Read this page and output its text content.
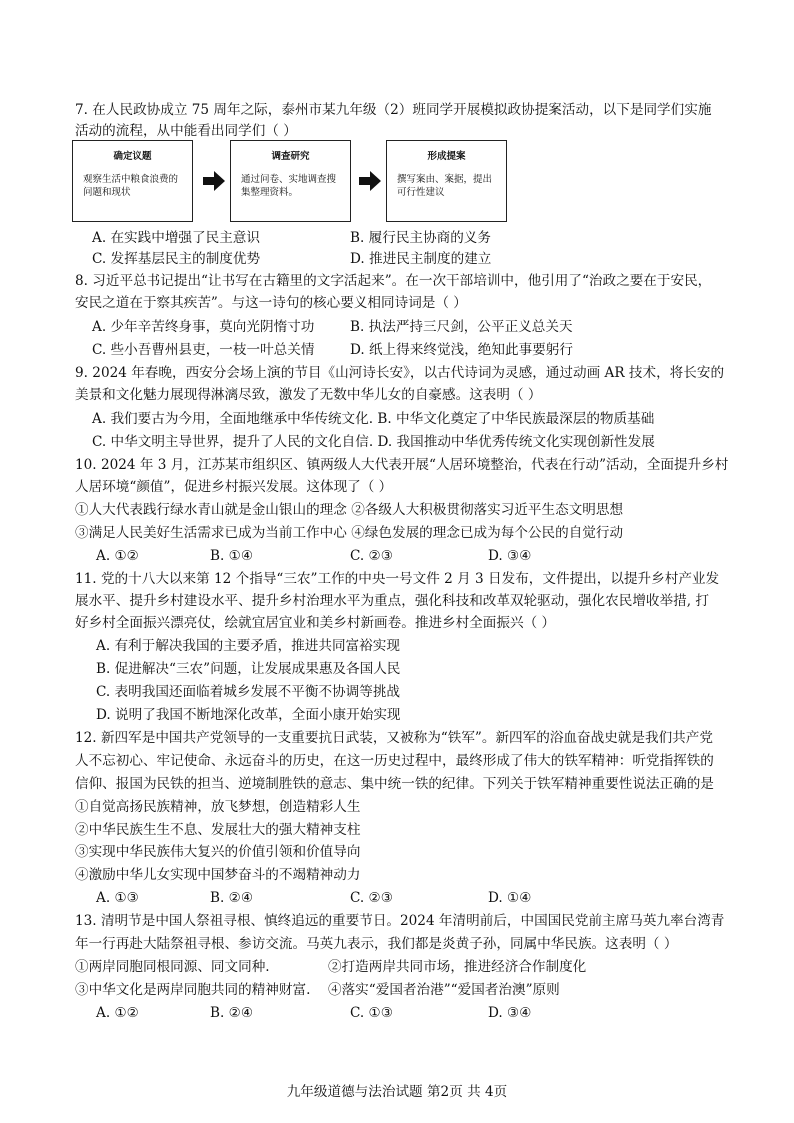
7. 在人民政协成立 75 周年之际，泰州市某九年级（2）班同学开展模拟政协提案活动，以下是同学们实施
活动的流程，从中能看出同学们（ ）
确定议题
观察生活中粮食浪费的问题和现状
调查研究
通过问卷、实地调查搜集整理资料。
形成提案
撰写案由、案据，提出可行性建议
A. 在实践中增强了民主意识	B. 履行民主协商的义务
C. 发挥基层民主的制度优势	D. 推进民主制度的建立
8. 习近平总书记提出“让书写在古籍里的文字活起来”。在一次干部培训中，他引用了“治政之要在于安民，
安民之道在于察其疾苦”。与这一诗句的核心要义相同诗词是（ ）
A. 少年辛苦终身事，莫向光阴惰寸功	B. 执法严持三尺剑，公平正义总关天
C. 些小吾曹州县吏，一枝一叶总关情	D. 纸上得来终觉浅，绝知此事要躬行
9. 2024 年春晚，西安分会场上演的节目《山河诗长安》，以古代诗词为灵感，通过动画 AR 技术，将长安的
美景和文化魅力展现得淋漓尽致，激发了无数中华儿女的自豪感。这表明（ ）
A. 我们要古为今用，全面地继承中华传统文化. B. 中华文化奠定了中华民族最深层的物质基础
C. 中华文明主导世界，提升了人民的文化自信. D. 我国推动中华优秀传统文化实现创新性发展
10. 2024 年 3 月，江苏某市组织区、镇两级人大代表开展“人居环境整治，代表在行动”活动，全面提升乡村
人居环境“颜值”，促进乡村振兴发展。这体现了（ ）
①人大代表践行绿水青山就是金山银山的理念 ②各级人大积极贯彻落实习近平生态文明思想
③满足人民美好生活需求已成为当前工作中心 ④绿色发展的理念已成为每个公民的自觉行动
A. ①②	B. ①④	C. ②③	D. ③④
11. 党的十八大以来第 12 个指导“三农”工作的中央一号文件 2 月 3 日发布，文件提出，以提升乡村产业发
展水平、提升乡村建设水平、提升乡村治理水平为重点，强化科技和改革双轮驱动，强化农民增收举措, 打
好乡村全面振兴漂亮仗，绘就宜居宜业和美乡村新画卷。推进乡村全面振兴（ ）
A. 有利于解决我国的主要矛盾，推进共同富裕实现
B. 促进解决“三农”问题，让发展成果惠及各国人民
C. 表明我国还面临着城乡发展不平衡不协调等挑战
D. 说明了我国不断地深化改革，全面小康开始实现
12. 新四军是中国共产党领导的一支重要抗日武装，又被称为“铁军”。新四军的浴血奋战史就是我们共产党
人不忘初心、牢记使命、永远奋斗的历史，在这一历史过程中，最终形成了伟大的铁军精神：听党指挥铁的
信仰、报国为民铁的担当、逆境制胜铁的意志、集中统一铁的纪律。下列关于铁军精神重要性说法正确的是
①自觉高扬民族精神，放飞梦想，创造精彩人生
②中华民族生生不息、发展壮大的强大精神支柱
③实现中华民族伟大复兴的价值引领和价值导向
④激励中华儿女实现中国梦奋斗的不竭精神动力
A. ①③	B. ②④	C. ②③	D. ①④
13. 清明节是中国人祭祖寻根、慎终追远的重要节日。2024 年清明前后，中国国民党前主席马英九率台湾青
年一行再赴大陆祭祖寻根、参访交流。马英九表示，我们都是炎黄子孙，同属中华民族。这表明（ ）
①两岸同胞同根同源、同文同种.	②打造两岸共同市场，推进经济合作制度化
③中华文化是两岸同胞共同的精神财富. ④落实“爱国者治港”“爱国者治澳”原则
A. ①②	B. ②④	C. ①③	D. ③④
九年级道德与法治试题 第2页 共 4页
